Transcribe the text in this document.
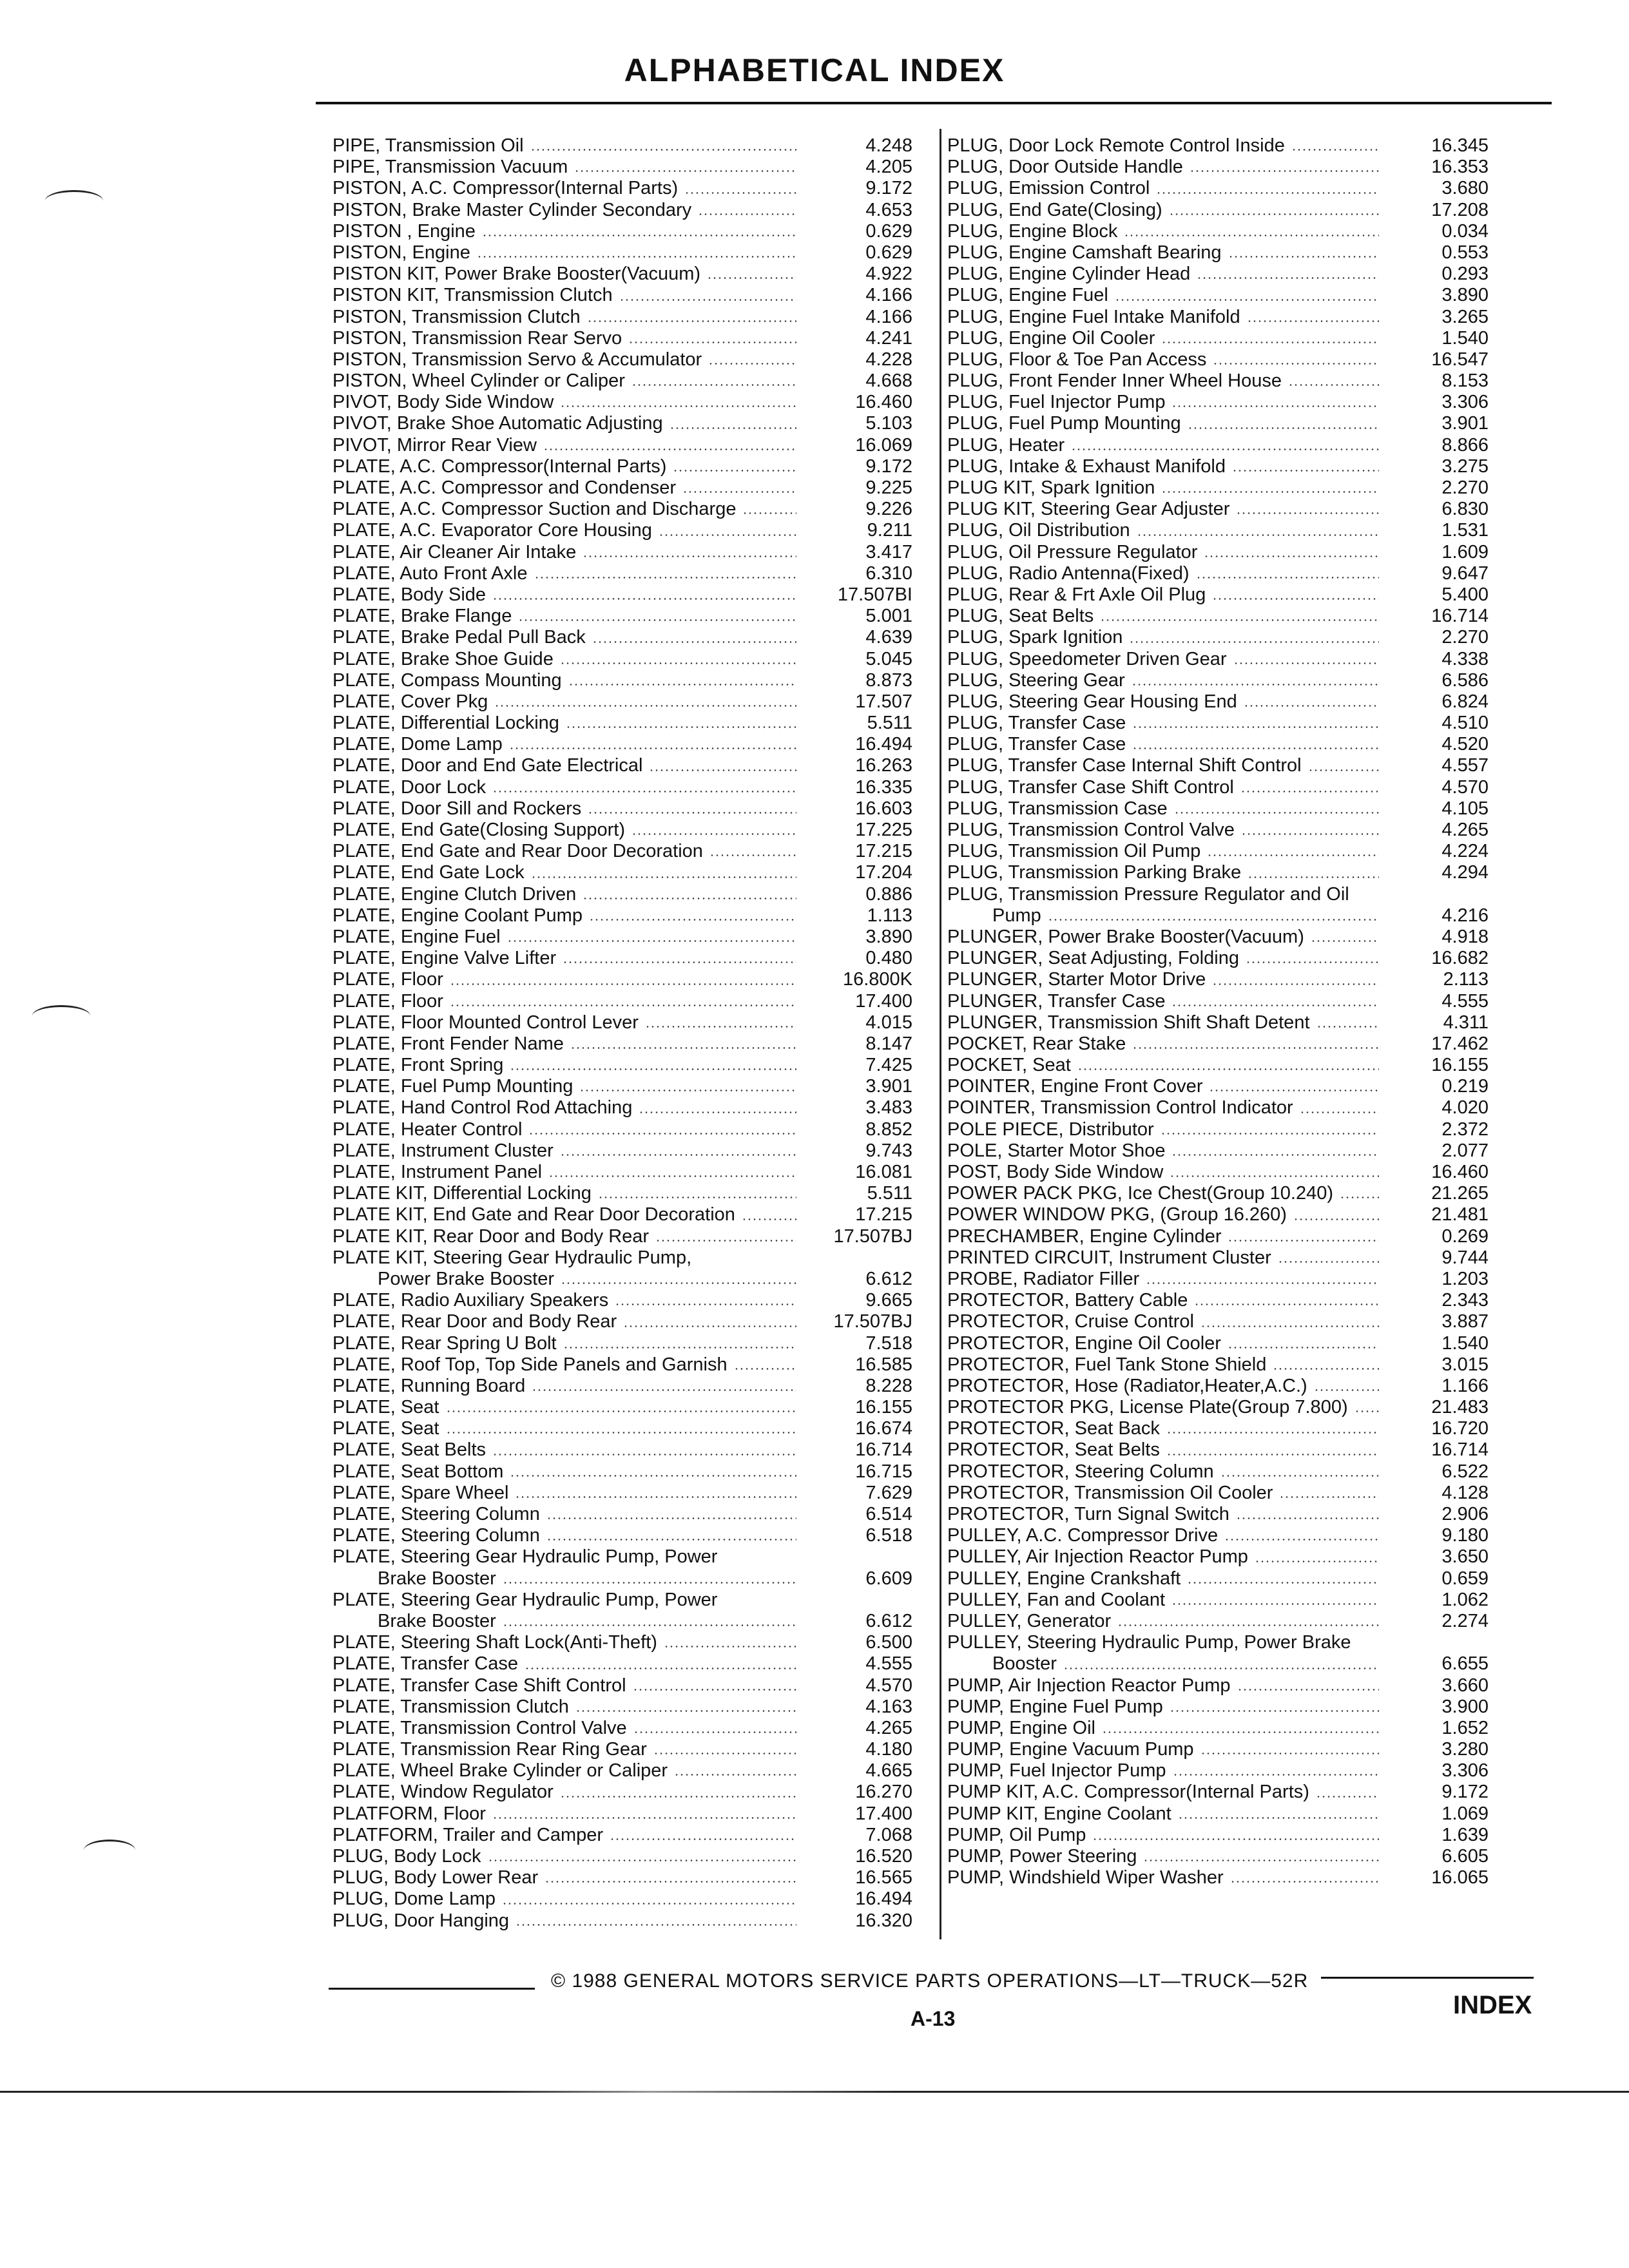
ALPHABETICAL INDEX
PIPE, Transmission Oil	4.248
PIPE, Transmission Vacuum	4.205
PISTON, A.C. Compressor(Internal Parts)	9.172
PISTON, Brake Master Cylinder Secondary	4.653
PISTON , Engine	0.629
PISTON, Engine	0.629
PISTON KIT, Power Brake Booster(Vacuum)	4.922
PISTON KIT, Transmission Clutch	4.166
PISTON, Transmission Clutch	4.166
PISTON, Transmission Rear Servo	4.241
PISTON, Transmission Servo & Accumulator	4.228
PISTON, Wheel Cylinder or Caliper	4.668
PIVOT, Body Side Window	16.460
PIVOT, Brake Shoe Automatic Adjusting	5.103
PIVOT, Mirror Rear View	16.069
PLATE, A.C. Compressor(Internal Parts)	9.172
PLATE, A.C. Compressor and Condenser	9.225
PLATE, A.C. Compressor Suction and Discharge	9.226
PLATE, A.C. Evaporator Core Housing	9.211
PLATE, Air Cleaner Air Intake	3.417
PLATE, Auto Front Axle	6.310
PLATE, Body Side	17.507BI
PLATE, Brake Flange	5.001
PLATE, Brake Pedal Pull Back	4.639
PLATE, Brake Shoe Guide	5.045
PLATE, Compass Mounting	8.873
PLATE, Cover Pkg	17.507
PLATE, Differential Locking	5.511
PLATE, Dome Lamp	16.494
PLATE, Door and End Gate Electrical	16.263
PLATE, Door Lock	16.335
PLATE, Door Sill and Rockers	16.603
PLATE, End Gate(Closing Support)	17.225
PLATE, End Gate and Rear Door Decoration	17.215
PLATE, End Gate Lock	17.204
PLATE, Engine Clutch Driven	0.886
PLATE, Engine Coolant Pump	1.113
PLATE, Engine Fuel	3.890
PLATE, Engine Valve Lifter	0.480
PLATE, Floor	16.800K
PLATE, Floor	17.400
PLATE, Floor Mounted Control Lever	4.015
PLATE, Front Fender Name	8.147
PLATE, Front Spring	7.425
PLATE, Fuel Pump Mounting	3.901
PLATE, Hand Control Rod Attaching	3.483
PLATE, Heater Control	8.852
PLATE, Instrument Cluster	9.743
PLATE, Instrument Panel	16.081
PLATE KIT, Differential Locking	5.511
PLATE KIT, End Gate and Rear Door Decoration	17.215
PLATE KIT, Rear Door and Body Rear	17.507BJ
PLATE KIT, Steering Gear Hydraulic Pump,
Power Brake Booster	6.612
PLATE, Radio Auxiliary Speakers	9.665
PLATE, Rear Door and Body Rear	17.507BJ
PLATE, Rear Spring U Bolt	7.518
PLATE, Roof Top, Top Side Panels and Garnish	16.585
PLATE, Running Board	8.228
PLATE, Seat	16.155
PLATE, Seat	16.674
PLATE, Seat Belts	16.714
PLATE, Seat Bottom	16.715
PLATE, Spare Wheel	7.629
PLATE, Steering Column	6.514
PLATE, Steering Column	6.518
PLATE, Steering Gear Hydraulic Pump, Power
Brake Booster	6.609
PLATE, Steering Gear Hydraulic Pump, Power
Brake Booster	6.612
PLATE, Steering Shaft Lock(Anti-Theft)	6.500
PLATE, Transfer Case	4.555
PLATE, Transfer Case Shift Control	4.570
PLATE, Transmission Clutch	4.163
PLATE, Transmission Control Valve	4.265
PLATE, Transmission Rear Ring Gear	4.180
PLATE, Wheel Brake Cylinder or Caliper	4.665
PLATE, Window Regulator	16.270
PLATFORM, Floor	17.400
PLATFORM, Trailer and Camper	7.068
PLUG, Body Lock	16.520
PLUG, Body Lower Rear	16.565
PLUG, Dome Lamp	16.494
PLUG, Door Hanging	16.320
PLUG, Door Lock Remote Control Inside	16.345
PLUG, Door Outside Handle	16.353
PLUG, Emission Control	3.680
PLUG, End Gate(Closing)	17.208
PLUG, Engine Block	0.034
PLUG, Engine Camshaft Bearing	0.553
PLUG, Engine Cylinder Head	0.293
PLUG, Engine Fuel	3.890
PLUG, Engine Fuel Intake Manifold	3.265
PLUG, Engine Oil Cooler	1.540
PLUG, Floor & Toe Pan Access	16.547
PLUG, Front Fender Inner Wheel House	8.153
PLUG, Fuel Injector Pump	3.306
PLUG, Fuel Pump Mounting	3.901
PLUG, Heater	8.866
PLUG, Intake & Exhaust Manifold	3.275
PLUG KIT, Spark Ignition	2.270
PLUG KIT, Steering Gear Adjuster	6.830
PLUG, Oil Distribution	1.531
PLUG, Oil Pressure Regulator	1.609
PLUG, Radio Antenna(Fixed)	9.647
PLUG, Rear & Frt Axle Oil Plug	5.400
PLUG, Seat Belts	16.714
PLUG, Spark Ignition	2.270
PLUG, Speedometer Driven Gear	4.338
PLUG, Steering Gear	6.586
PLUG, Steering Gear Housing End	6.824
PLUG, Transfer Case	4.510
PLUG, Transfer Case	4.520
PLUG, Transfer Case Internal Shift Control	4.557
PLUG, Transfer Case Shift Control	4.570
PLUG, Transmission Case	4.105
PLUG, Transmission Control Valve	4.265
PLUG, Transmission Oil Pump	4.224
PLUG, Transmission Parking Brake	4.294
PLUG, Transmission Pressure Regulator and Oil
Pump	4.216
PLUNGER, Power Brake Booster(Vacuum)	4.918
PLUNGER, Seat Adjusting, Folding	16.682
PLUNGER, Starter Motor Drive	2.113
PLUNGER, Transfer Case	4.555
PLUNGER, Transmission Shift Shaft Detent	4.311
POCKET, Rear Stake	17.462
POCKET, Seat	16.155
POINTER, Engine Front Cover	0.219
POINTER, Transmission Control Indicator	4.020
POLE PIECE, Distributor	2.372
POLE, Starter Motor Shoe	2.077
POST, Body Side Window	16.460
POWER PACK PKG, Ice Chest(Group 10.240)	21.265
POWER WINDOW PKG, (Group 16.260)	21.481
PRECHAMBER, Engine Cylinder	0.269
PRINTED CIRCUIT, Instrument Cluster	9.744
PROBE, Radiator Filler	1.203
PROTECTOR, Battery Cable	2.343
PROTECTOR, Cruise Control	3.887
PROTECTOR, Engine Oil Cooler	1.540
PROTECTOR, Fuel Tank Stone Shield	3.015
PROTECTOR, Hose (Radiator,Heater,A.C.)	1.166
PROTECTOR PKG, License Plate(Group 7.800)	21.483
PROTECTOR, Seat Back	16.720
PROTECTOR, Seat Belts	16.714
PROTECTOR, Steering Column	6.522
PROTECTOR, Transmission Oil Cooler	4.128
PROTECTOR, Turn Signal Switch	2.906
PULLEY, A.C. Compressor Drive	9.180
PULLEY, Air Injection Reactor Pump	3.650
PULLEY, Engine Crankshaft	0.659
PULLEY, Fan and Coolant	1.062
PULLEY, Generator	2.274
PULLEY, Steering Hydraulic Pump, Power Brake
Booster	6.655
PUMP, Air Injection Reactor Pump	3.660
PUMP, Engine Fuel Pump	3.900
PUMP, Engine Oil	1.652
PUMP, Engine Vacuum Pump	3.280
PUMP, Fuel Injector Pump	3.306
PUMP KIT, A.C. Compressor(Internal Parts)	9.172
PUMP KIT, Engine Coolant	1.069
PUMP, Oil Pump	1.639
PUMP, Power Steering	6.605
PUMP, Windshield Wiper Washer	16.065
© 1988 GENERAL MOTORS SERVICE PARTS OPERATIONS—LT—TRUCK—52R
A-13	INDEX
